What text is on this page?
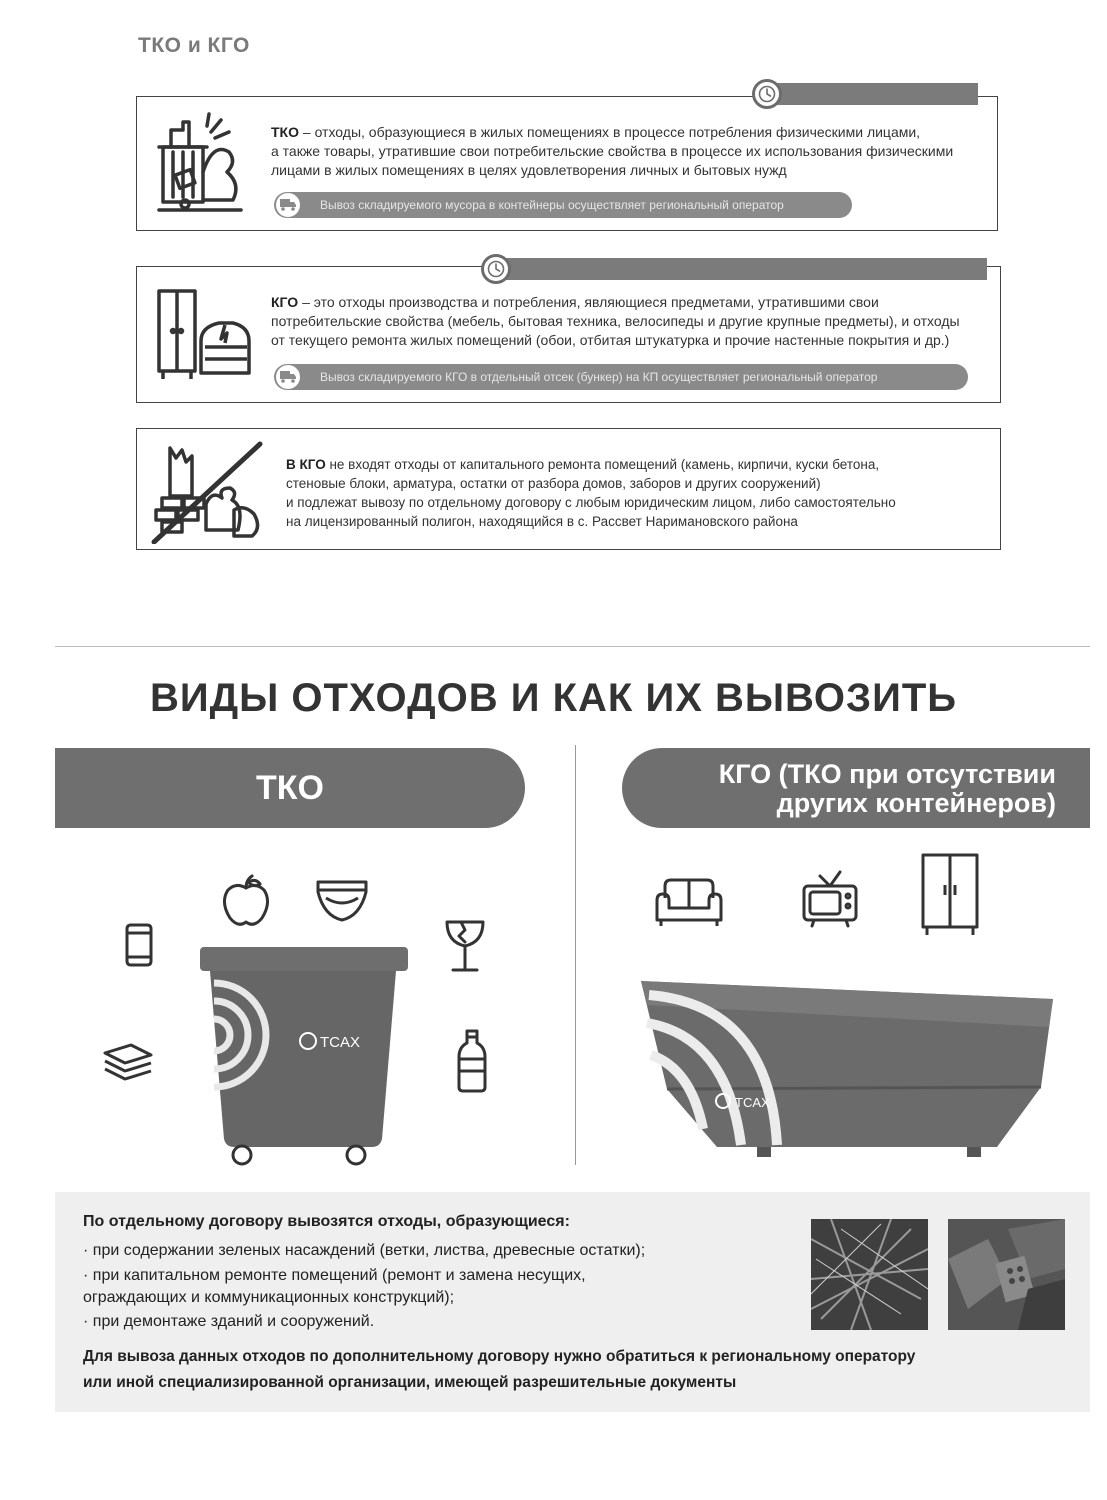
ТКО и КГО
ТКО – отходы, образующиеся в жилых помещениях в процессе потребления физическими лицами,
а также товары, утратившие свои потребительские свойства в процессе их использования физическими
лицами в жилых помещениях в целях удовлетворения личных и бытовых нужд
Вывоз складируемого мусора в контейнеры осуществляет региональный оператор
КГО – это отходы производства и потребления, являющиеся предметами, утратившими свои
потребительские свойства (мебель, бытовая техника, велосипеды и другие крупные предметы), и отходы
от текущего ремонта жилых помещений (обои, отбитая штукатурка и прочие настенные покрытия и др.)
Вывоз складируемого КГО в отдельный отсек (бункер) на КП осуществляет региональный оператор
В КГО не входят отходы от капитального ремонта помещений (камень, кирпичи, куски бетона,
стеновые блоки, арматура, остатки от разбора домов, заборов и других сооружений)
и подлежат вывозу по отдельному договору с любым юридическим лицом, либо самостоятельно
на лицензированный полигон, находящийся в с. Рассвет Наримановского района
ВИДЫ ОТХОДОВ И КАК ИХ ВЫВОЗИТЬ
ТКО	КГО (ТКО при отсутствии
других контейнеров)
TCAX
TCAX
По отдельному договору вывозятся отходы, образующиеся:
· при содержании зеленых насаждений (ветки, листва, древесные остатки);
· при капитальном ремонте помещений (ремонт и замена несущих,
ограждающих и коммуникационных конструкций);
· при демонтаже зданий и сооружений.
Для вывоза данных отходов по дополнительному договору нужно обратиться к региональному оператору
или иной специализированной организации, имеющей разрешительные документы
